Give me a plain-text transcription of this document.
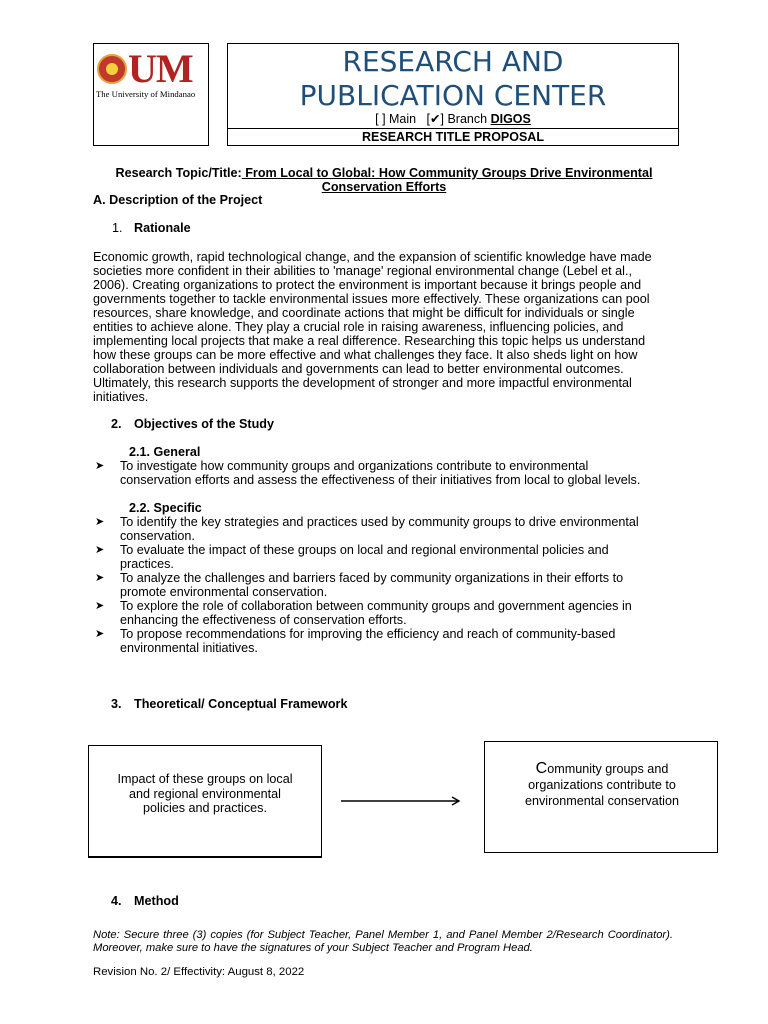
UM
The University of Mindanao
RESEARCH AND
PUBLICATION CENTER
[ ] Main [✔] Branch DIGOS
RESEARCH TITLE PROPOSAL
Research Topic/Title: From Local to Global: How Community Groups Drive Environmental
Conservation Efforts
A. Description of the Project
1. Rationale
Economic growth, rapid technological change, and the expansion of scientific knowledge have made
societies more confident in their abilities to 'manage' regional environmental change (Lebel et al.,
2006). Creating organizations to protect the environment is important because it brings people and
governments together to tackle environmental issues more effectively. These organizations can pool
resources, share knowledge, and coordinate actions that might be difficult for individuals or single
entities to achieve alone. They play a crucial role in raising awareness, influencing policies, and
implementing local projects that make a real difference. Researching this topic helps us understand
how these groups can be more effective and what challenges they face. It also sheds light on how
collaboration between individuals and governments can lead to better environmental outcomes.
Ultimately, this research supports the development of stronger and more impactful environmental
initiatives.
2. Objectives of the Study
2.1. General
➤ To investigate how community groups and organizations contribute to environmental
conservation efforts and assess the effectiveness of their initiatives from local to global levels.
2.2. Specific
➤ To identify the key strategies and practices used by community groups to drive environmental
conservation.
➤ To evaluate the impact of these groups on local and regional environmental policies and
practices.
➤ To analyze the challenges and barriers faced by community organizations in their efforts to
promote environmental conservation.
➤ To explore the role of collaboration between community groups and government agencies in
enhancing the effectiveness of conservation efforts.
➤ To propose recommendations for improving the efficiency and reach of community-based
environmental initiatives.
3. Theoretical/ Conceptual Framework
Impact of these groups on local
and regional environmental
policies and practices.
Community groups and
organizations contribute to
environmental conservation
4. Method
Note: Secure three (3) copies (for Subject Teacher, Panel Member 1, and Panel Member 2/Research Coordinator). Moreover, make sure to have the signatures of your Subject Teacher and Program Head.
Revision No. 2/ Effectivity: August 8, 2022
